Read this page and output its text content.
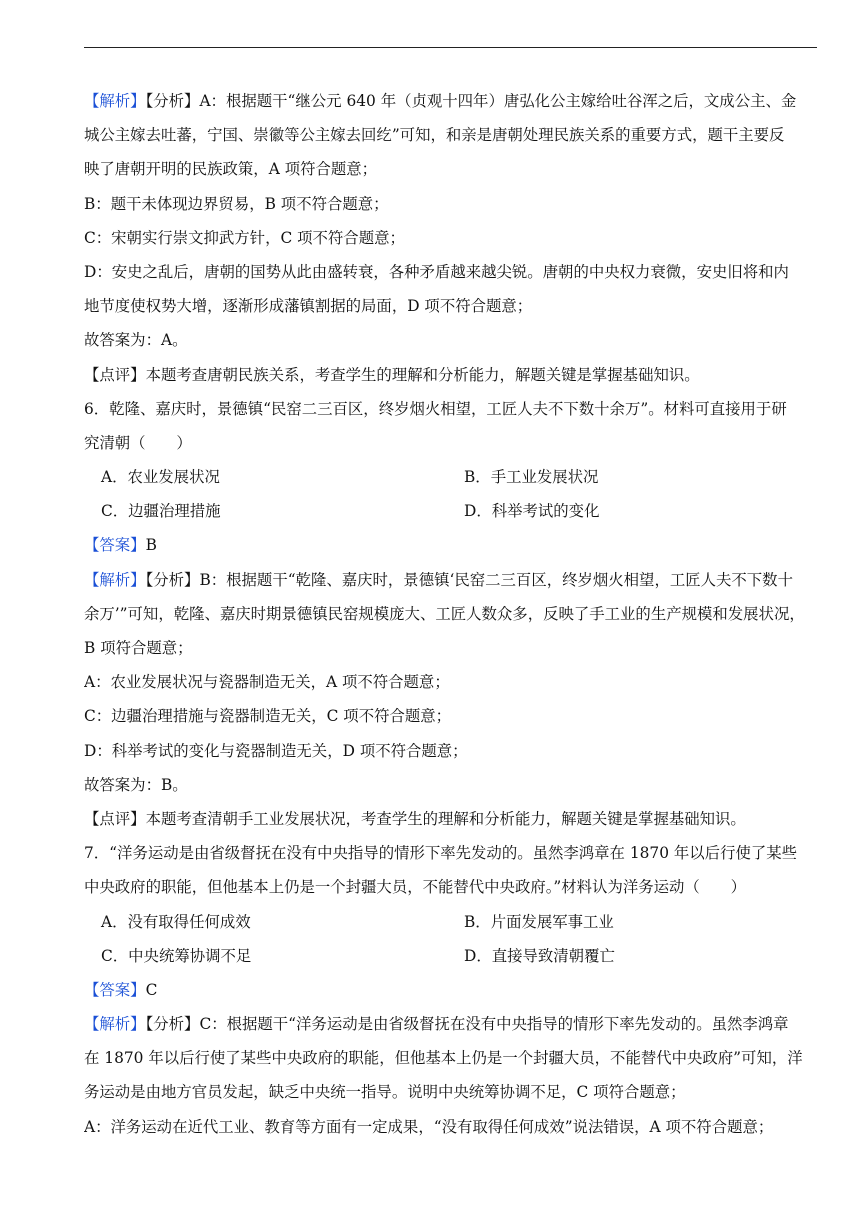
【解析】【分析】A：根据题干“继公元 640 年（贞观十四年）唐弘化公主嫁给吐谷浑之后，文成公主、金
城公主嫁去吐蕃，宁国、崇徽等公主嫁去回纥”可知，和亲是唐朝处理民族关系的重要方式，题干主要反
映了唐朝开明的民族政策，A 项符合题意；
B：题干未体现边界贸易，B 项不符合题意；
C：宋朝实行崇文抑武方针，C 项不符合题意；
D：安史之乱后，唐朝的国势从此由盛转衰，各种矛盾越来越尖锐。唐朝的中央权力衰微，安史旧将和内
地节度使权势大增，逐渐形成藩镇割据的局面，D 项不符合题意；
故答案为：A。
【点评】本题考查唐朝民族关系，考查学生的理解和分析能力，解题关键是掌握基础知识。
6．乾隆、嘉庆时，景德镇“民窑二三百区，终岁烟火相望，工匠人夫不下数十余万”。材料可直接用于研
究清朝（　　）
A．农业发展状况	B．手工业发展状况
C．边疆治理措施	D．科举考试的变化
【答案】B
【解析】【分析】B：根据题干“乾隆、嘉庆时，景德镇‘民窑二三百区，终岁烟火相望，工匠人夫不下数十
余万’”可知，乾隆、嘉庆时期景德镇民窑规模庞大、工匠人数众多，反映了手工业的生产规模和发展状况，
B 项符合题意；
A：农业发展状况与瓷器制造无关，A 项不符合题意；
C：边疆治理措施与瓷器制造无关，C 项不符合题意；
D：科举考试的变化与瓷器制造无关，D 项不符合题意；
故答案为：B。
【点评】本题考查清朝手工业发展状况，考查学生的理解和分析能力，解题关键是掌握基础知识。
7．“洋务运动是由省级督抚在没有中央指导的情形下率先发动的。虽然李鸿章在 1870 年以后行使了某些
中央政府的职能，但他基本上仍是一个封疆大员，不能替代中央政府。”材料认为洋务运动（　　）
A．没有取得任何成效	B．片面发展军事工业
C．中央统筹协调不足	D．直接导致清朝覆亡
【答案】C
【解析】【分析】C：根据题干“洋务运动是由省级督抚在没有中央指导的情形下率先发动的。虽然李鸿章
在 1870 年以后行使了某些中央政府的职能，但他基本上仍是一个封疆大员，不能替代中央政府”可知，洋
务运动是由地方官员发起，缺乏中央统一指导。说明中央统筹协调不足，C 项符合题意；
A：洋务运动在近代工业、教育等方面有一定成果，“没有取得任何成效”说法错误，A 项不符合题意；
